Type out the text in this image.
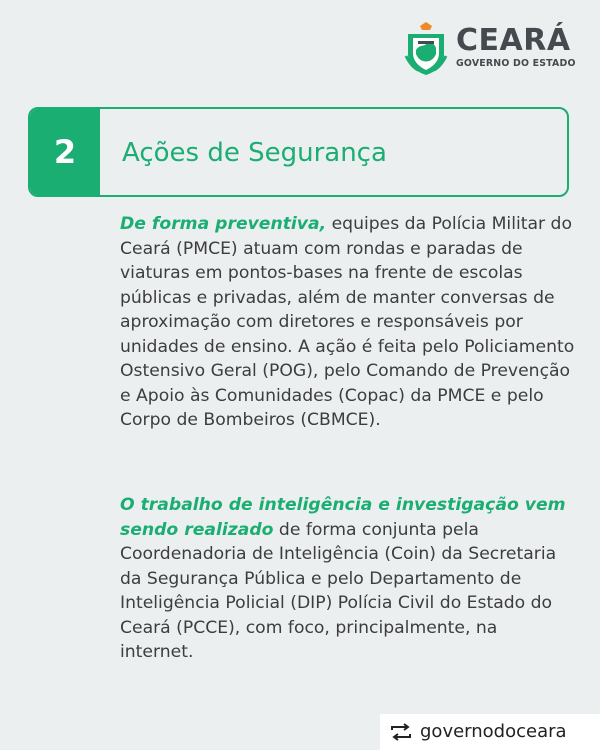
CEARÁ
GOVERNO DO ESTADO
2	Ações de Segurança

De forma preventiva, equipes da Polícia Militar do Ceará (PMCE) atuam com rondas e paradas de viaturas em pontos-bases na frente de escolas públicas e privadas, além de manter conversas de aproximação com diretores e responsáveis por unidades de ensino. A ação é feita pelo Policiamento Ostensivo Geral (POG), pelo Comando de Prevenção e Apoio às Comunidades (Copac) da PMCE e pelo Corpo de Bombeiros (CBMCE).

O trabalho de inteligência e investigação vem sendo realizado de forma conjunta pela Coordenadoria de Inteligência (Coin) da Secretaria da Segurança Pública e pelo Departamento de Inteligência Policial (DIP) Polícia Civil do Estado do Ceará (PCCE), com foco, principalmente, na internet.

governodoceara
